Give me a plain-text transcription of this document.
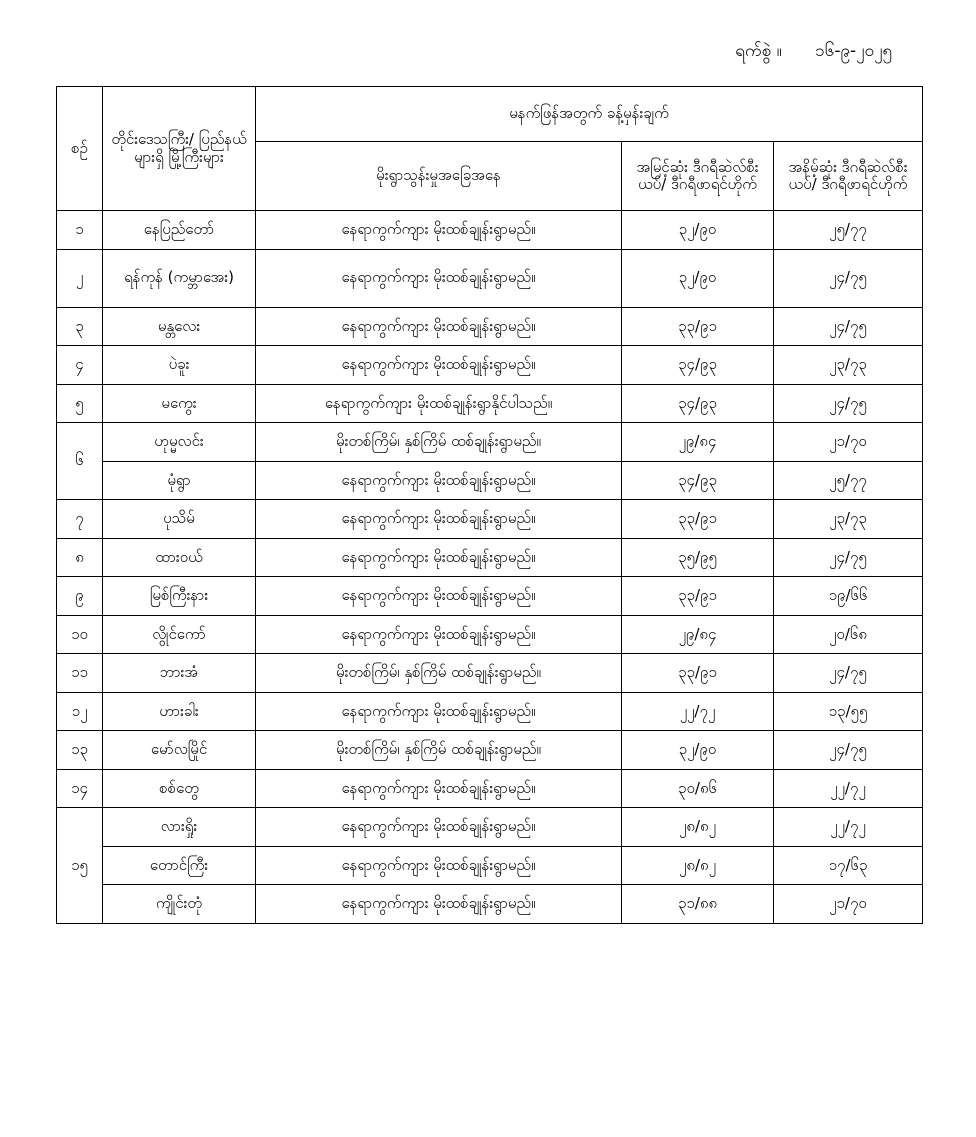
ရက်စွဲ ။ ၁၆-၉-၂၀၂၅
စဉ်	တိုင်းဒေသကြီး/ ပြည်နယ်များရှိ မြို့ကြီးများ	မနက်ဖြန်အတွက် ခန့်မှန်းချက်		
		မိုးရွာသွန်းမှုအခြေအနေ	အမြင့်ဆုံး ဒီဂရီဆဲလ်စီးယပ်/ ဒီဂရီဖာရင်ဟိုက်	အနိမ့်ဆုံး ဒီဂရီဆဲလ်စီးယပ်/ ဒီဂရီဖာရင်ဟိုက်
၁	နေပြည်တော်	နေရာကွက်ကျား မိုးထစ်ချုန်းရွာမည်။	၃၂/၉၀	၂၅/၇၇
၂	ရန်ကုန် (ကမ္ဘာအေး)	နေရာကွက်ကျား မိုးထစ်ချုန်းရွာမည်။	၃၂/၉၀	၂၄/၇၅
၃	မန္တလေး	နေရာကွက်ကျား မိုးထစ်ချုန်းရွာမည်။	၃၃/၉၁	၂၄/၇၅
၄	ပဲခူး	နေရာကွက်ကျား မိုးထစ်ချုန်းရွာမည်။	၃၄/၉၃	၂၃/၇၃
၅	မကွေး	နေရာကွက်ကျား မိုးထစ်ချုန်းရွာနိုင်ပါသည်။	၃၄/၉၃	၂၄/၇၅
၆	ဟုမ္မလင်း	မိုးတစ်ကြိမ်၊ နှစ်ကြိမ် ထစ်ချုန်းရွာမည်။	၂၉/၈၄	၂၁/၇၀
	မုံရွာ	နေရာကွက်ကျား မိုးထစ်ချုန်းရွာမည်။	၃၄/၉၃	၂၅/၇၇
၇	ပုသိမ်	နေရာကွက်ကျား မိုးထစ်ချုန်းရွာမည်။	၃၃/၉၁	၂၃/၇၃
၈	ထားဝယ်	နေရာကွက်ကျား မိုးထစ်ချုန်းရွာမည်။	၃၅/၉၅	၂၄/၇၅
၉	မြစ်ကြီးနား	နေရာကွက်ကျား မိုးထစ်ချုန်းရွာမည်။	၃၃/၉၁	၁၉/၆၆
၁၀	လွိုင်ကော်	နေရာကွက်ကျား မိုးထစ်ချုန်းရွာမည်။	၂၉/၈၄	၂၀/၆၈
၁၁	ဘားအံ	မိုးတစ်ကြိမ်၊ နှစ်ကြိမ် ထစ်ချုန်းရွာမည်။	၃၃/၉၁	၂၄/၇၅
၁၂	ဟားခါး	နေရာကွက်ကျား မိုးထစ်ချုန်းရွာမည်။	၂၂/၇၂	၁၃/၅၅
၁၃	မော်လမြိုင်	မိုးတစ်ကြိမ်၊ နှစ်ကြိမ် ထစ်ချုန်းရွာမည်။	၃၂/၉၀	၂၄/၇၅
၁၄	စစ်တွေ	နေရာကွက်ကျား မိုးထစ်ချုန်းရွာမည်။	၃၀/၈၆	၂၂/၇၂
၁၅	လားရှိုး	နေရာကွက်ကျား မိုးထစ်ချုန်းရွာမည်။	၂၈/၈၂	၂၂/၇၂
	တောင်ကြီး	နေရာကွက်ကျား မိုးထစ်ချုန်းရွာမည်။	၂၈/၈၂	၁၇/၆၃
	ကျိုင်းတုံ	နေရာကွက်ကျား မိုးထစ်ချုန်းရွာမည်။	၃၁/၈၈	၂၁/၇၀
